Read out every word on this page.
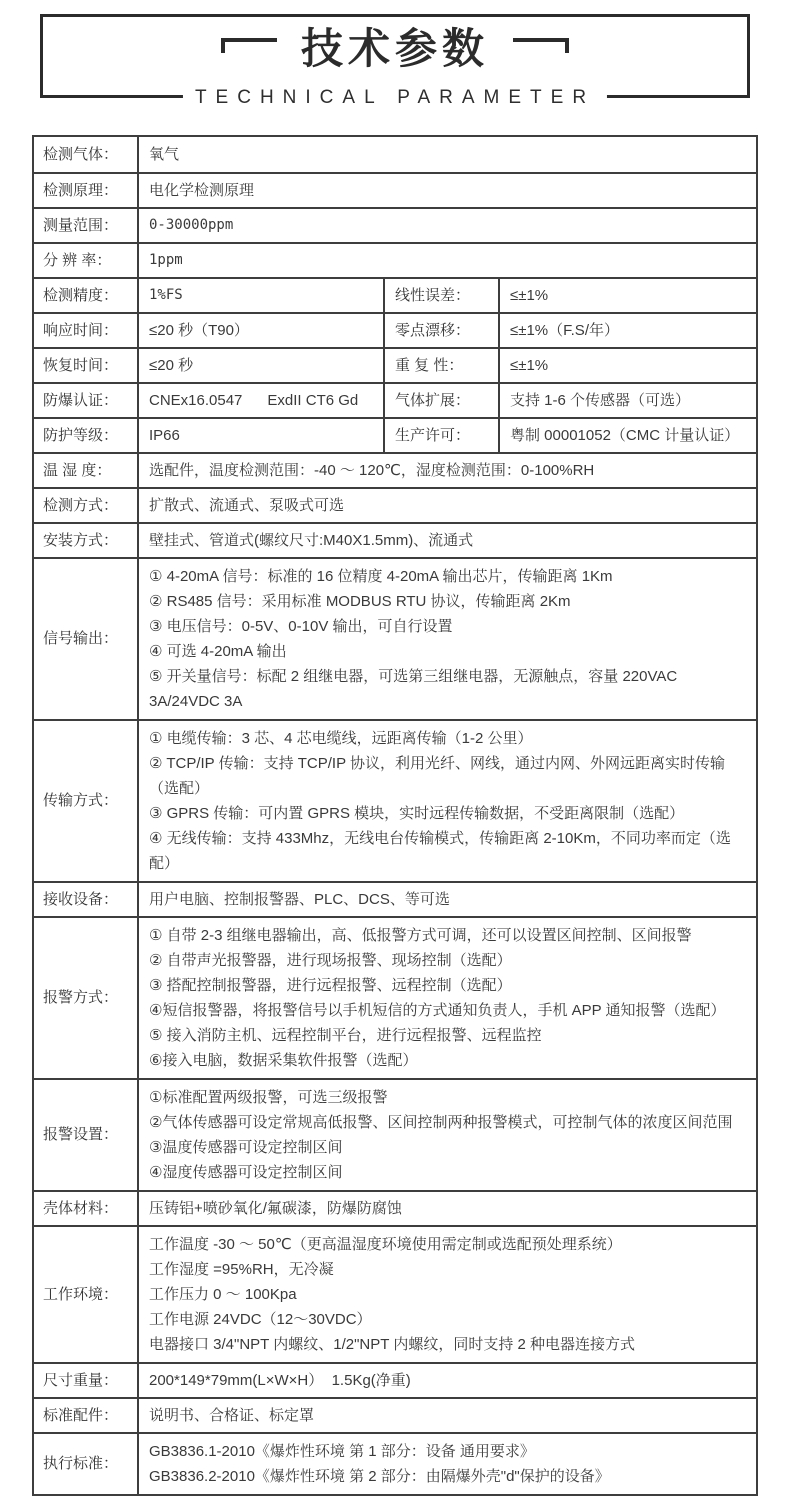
技术参数
TECHNICAL PARAMETER
检测气体：	氧气
检测原理：	电化学检测原理
测量范围：	0-30000ppm
分 辨 率：	1ppm
检测精度：	1%FS	线性误差：	≤±1%
响应时间：	≤20 秒（T90）	零点漂移：	≤±1%（F.S/年）
恢复时间：	≤20 秒	重 复 性：	≤±1%
防爆认证：	CNEx16.0547      ExdII CT6 Gd	气体扩展：	支持 1-6 个传感器（可选）
防护等级：	IP66	生产许可：	粤制 00001052（CMC 计量认证）
温 湿 度：	选配件，温度检测范围：-40 ～ 120℃，湿度检测范围：0-100%RH
检测方式：	扩散式、流通式、泵吸式可选
安装方式：	壁挂式、管道式(螺纹尺寸:M40X1.5mm)、流通式
信号输出：
① 4-20mA 信号：标准的 16 位精度 4-20mA 输出芯片，传输距离 1Km
② RS485 信号：采用标准 MODBUS RTU 协议，传输距离 2Km
③ 电压信号：0-5V、0-10V 输出，可自行设置
④ 可选 4-20mA 输出
⑤ 开关量信号：标配 2 组继电器，可选第三组继电器，无源触点，容量 220VAC 3A/24VDC 3A
传输方式：
① 电缆传输：3 芯、4 芯电缆线，远距离传输（1-2 公里）
② TCP/IP 传输：支持 TCP/IP 协议，利用光纤、网线，通过内网、外网远距离实时传输（选配）
③ GPRS 传输：可内置 GPRS 模块，实时远程传输数据，不受距离限制（选配）
④ 无线传输：支持 433Mhz，无线电台传输模式，传输距离 2-10Km，不同功率而定（选配）
接收设备：	用户电脑、控制报警器、PLC、DCS、等可选
报警方式：
① 自带 2-3 组继电器输出，高、低报警方式可调，还可以设置区间控制、区间报警
② 自带声光报警器，进行现场报警、现场控制（选配）
③ 搭配控制报警器，进行远程报警、远程控制（选配）
④短信报警器，将报警信号以手机短信的方式通知负责人，手机 APP 通知报警（选配）
⑤ 接入消防主机、远程控制平台，进行远程报警、远程监控
⑥接入电脑，数据采集软件报警（选配）
报警设置：
①标准配置两级报警，可选三级报警
②气体传感器可设定常规高低报警、区间控制两种报警模式，可控制气体的浓度区间范围
③温度传感器可设定控制区间
④湿度传感器可设定控制区间
壳体材料：	压铸铝+喷砂氧化/氟碳漆，防爆防腐蚀
工作环境：
工作温度 -30 ～ 50℃（更高温湿度环境使用需定制或选配预处理系统）
工作湿度 =95%RH，无冷凝
工作压力 0 ～ 100Kpa
工作电源 24VDC（12～30VDC）
电器接口 3/4"NPT 内螺纹、1/2"NPT 内螺纹，同时支持 2 种电器连接方式
尺寸重量：	200*149*79mm(L×W×H）  1.5Kg(净重)
标准配件：	说明书、合格证、标定罩
执行标准：
GB3836.1-2010《爆炸性环境 第 1 部分：设备 通用要求》
GB3836.2-2010《爆炸性环境 第 2 部分：由隔爆外壳"d"保护的设备》
